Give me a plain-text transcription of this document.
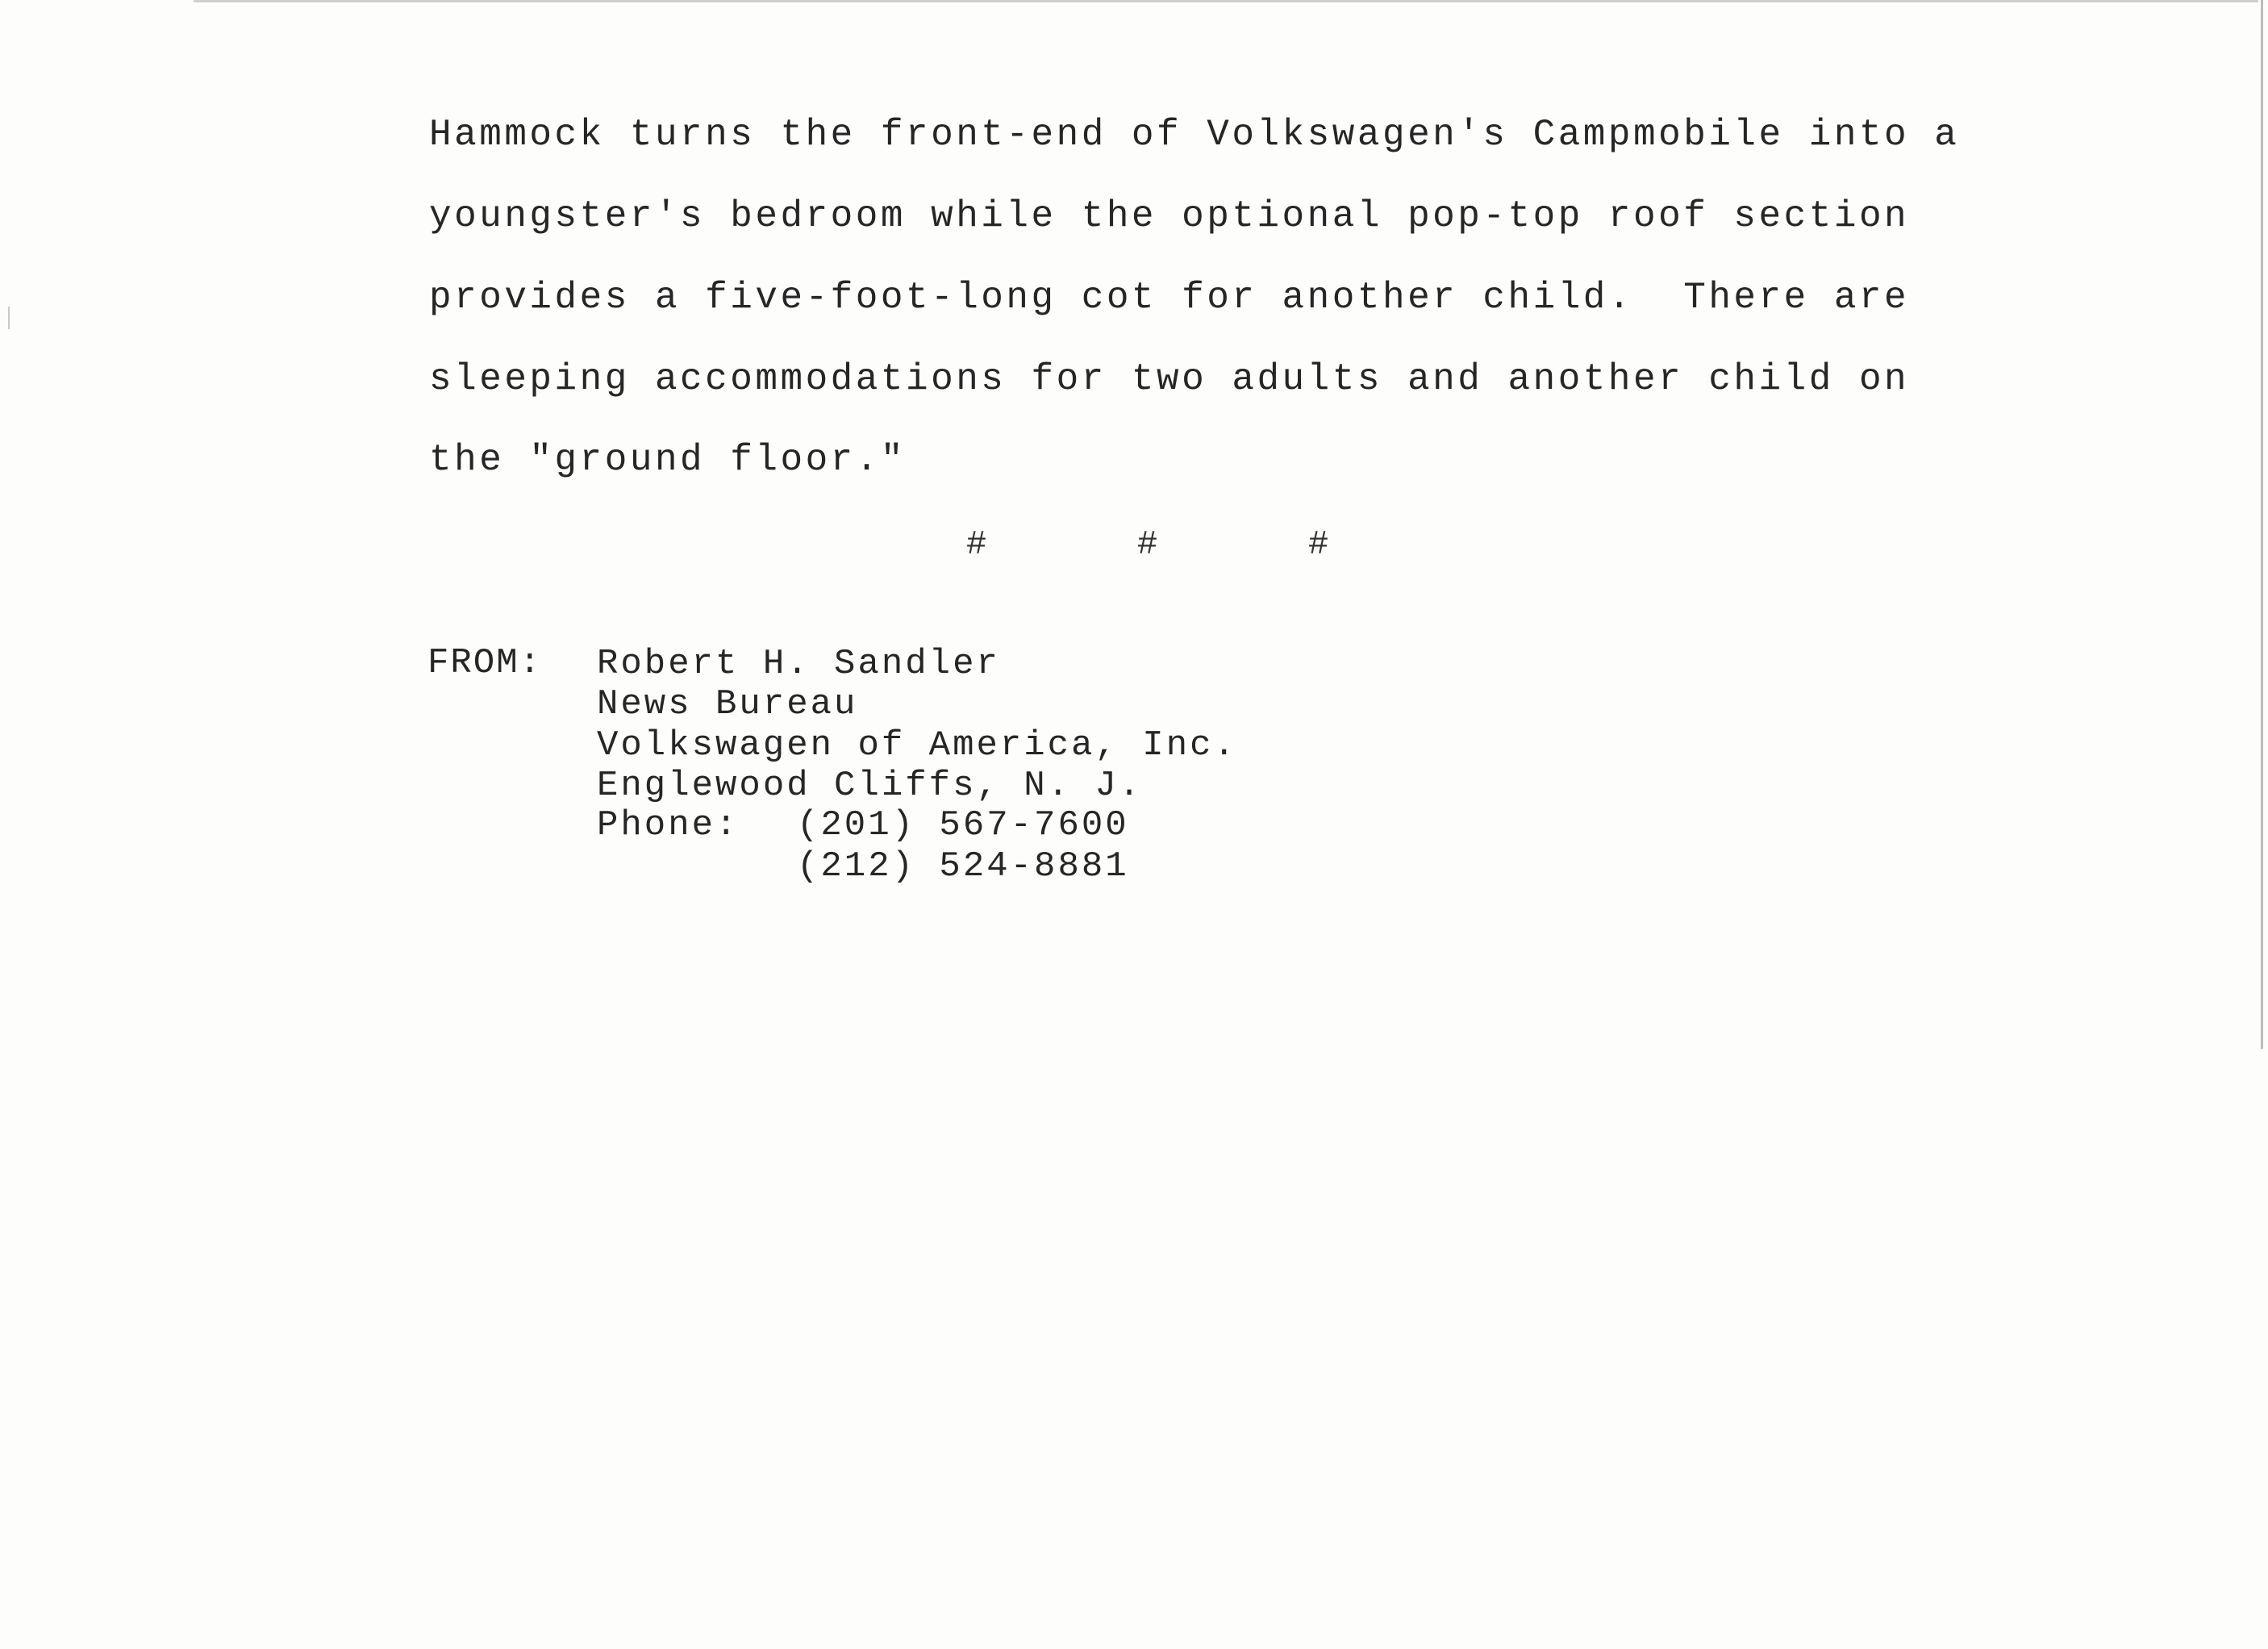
Hammock turns the front-end of Volkswagen's Campmobile into a
youngster's bedroom while the optional pop-top roof section
provides a five-foot-long cot for another child.  There are
sleeping accommodations for two adults and another child on
the "ground floor."
#	#	#
FROM: Robert H. Sandler
News Bureau
Volkswagen of America, Inc.
Englewood Cliffs, N. J.
Phone: (201) 567-7600
(212) 524-8881
